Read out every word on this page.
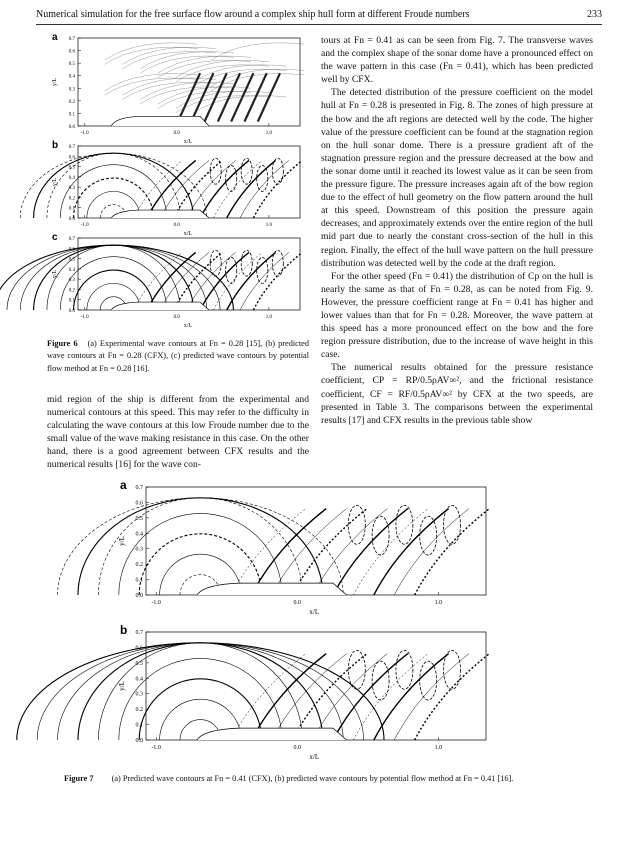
Numerical simulation for the free surface flow around a complex ship hull form at different Froude numbers	233
a 0.7
0.6
0.5
0.4
0.3
0.2
0.1
0.0
y/L
-1.0	0.0	1.0
x/L
b 0.7
0.6
0.5
0.4
0.3
0.2
0.1
0.0
y/L
-1.0	0.0	1.0
x/L
c 0.7
0.6
0.5
0.4
0.3
0.2
0.1
0.0
y/L
-1.0	0.0	1.0
x/L
Figure 6 (a) Experimental wave contours at Fn = 0.28 [15], (b) predicted wave contours at Fn = 0.28 (CFX), (c) predicted wave contours by potential flow method at Fn = 0.28 [16].

mid region of the ship is different from the experimental and numerical contours at this speed. This may refer to the difficulty in calculating the wave contours at this low Froude number due to the small value of the wave making resistance in this case. On the other hand, there is a good agreement between CFX results and the numerical results [16] for the wave con-

tours at Fn = 0.41 as can be seen from Fig. 7. The transverse waves and the complex shape of the sonar dome have a pronounced effect on the wave pattern in this case (Fn = 0.41), which has been predicted well by CFX.

The detected distribution of the pressure coefficient on the model hull at Fn = 0.28 is presented in Fig. 8. The zones of high pressure at the bow and the aft regions are detected well by the code. The higher value of the pressure coefficient can be found at the stagnation region on the hull sonar dome. There is a pressure gradient aft of the stagnation pressure region and the pressure decreased at the bow and the sonar dome until it reached its lowest value as it can be seen from the pressure figure. The pressure increases again aft of the bow region due to the effect of hull geometry on the flow pattern around the hull at this speed. Downstream of this position the pressure again decreases, and approximately extends over the entire region of the hull mid part due to nearly the constant cross-section of the hull in this region. Finally, the effect of the hull wave pattern on the hull pressure distribution was detected well by the code at the draft region.

For the other speed (Fn = 0.41) the distribution of Cp on the hull is nearly the same as that of Fn = 0.28, as can be noted from Fig. 9. However, the pressure coefficient range at Fn = 0.41 has higher and lower values than that for Fn = 0.28. Moreover, the wave pattern at this speed has a more pronounced effect on the bow and the fore region pressure distribution, due to the increase of wave height in this case.

The numerical results obtained for the pressure resistance coefficient, CP = RP/0.5ρAV∞², and the frictional resistance coefficient, CF = RF/0.5ρAV∞² by CFX at the two speeds, are presented in Table 3. The comparisons between the experimental results [17] and CFX results in the previous table show

a 0.7
0.6
0.5
0.4
0.3
0.2
0.1
0.0
y/L
-1.0	0.0	1.0
x/L
b 0.7
0.6
0.5
0.4
0.3
0.2
0.1
0.0
y/L
-1.0	0.0	1.0
x/L
Figure 7 (a) Predicted wave contours at Fn = 0.41 (CFX), (b) predicted wave contours by potential flow method at Fn = 0.41 [16].
